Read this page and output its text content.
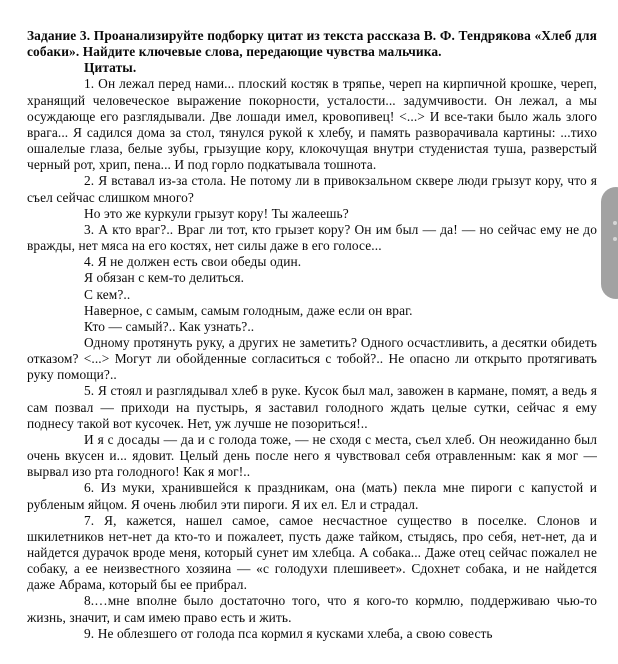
Задание 3. Проанализируйте подборку цитат из текста рассказа В. Ф. Тендрякова «Хлеб для собаки». Найдите ключевые слова, передающие чувства мальчика.

Цитаты.

1. Он лежал перед нами... плоский костяк в тряпье, череп на кирпичной крошке, череп, хранящий человеческое выражение покорности, усталости... задумчивости. Он лежал, а мы осуждающе его разглядывали. Две лошади имел, кровопивец! <...> И все-таки было жаль злого врага... Я садился дома за стол, тянулся рукой к хлебу, и память разворачивала картины: ...тихо ошалелые глаза, белые зубы, грызущие кору, клокочущая внутри студенистая туша, разверстый черный рот, хрип, пена... И под горло подкатывала тошнота.

2. Я вставал из-за стола. Не потому ли в привокзальном сквере люди грызут кору, что я съел сейчас слишком много?

Но это же куркули грызут кору! Ты жалеешь?

3. А кто враг?.. Враг ли тот, кто грызет кору? Он им был — да! — но сейчас ему не до вражды, нет мяса на его костях, нет силы даже в его голосе...

4. Я не должен есть свои обеды один.

Я обязан с кем-то делиться.

С кем?..

Наверное, с самым, самым голодным, даже если он враг.

Кто — самый?.. Как узнать?..

Одному протянуть руку, а других не заметить? Одного осчастливить, а десятки обидеть отказом? <...> Могут ли обойденные согласиться с тобой?.. Не опасно ли открыто протягивать руку помощи?..

5. Я стоял и разглядывал хлеб в руке. Кусок был мал, завожен в кармане, помят, а ведь я сам позвал — приходи на пустырь, я заставил голодного ждать целые сутки, сейчас я ему поднесу такой вот кусочек. Нет, уж лучше не позориться!..

И я с досады — да и с голода тоже, — не сходя с места, съел хлеб. Он неожиданно был очень вкусен и... ядовит. Целый день после него я чувствовал себя отравленным: как я мог — вырвал изо рта голодного! Как я мог!..

6. Из муки, хранившейся к праздникам, она (мать) пекла мне пироги с капустой и рубленым яйцом. Я очень любил эти пироги. Я их ел. Ел и страдал.

7. Я, кажется, нашел самое, самое несчастное существо в поселке. Слонов и шкилетников нет-нет да кто-то и пожалеет, пусть даже тайком, стыдясь, про себя, нет-нет, да и найдется дурачок вроде меня, который сунет им хлебца. А собака... Даже отец сейчас пожалел не собаку, а ее неизвестного хозяина — «с голодухи плешивеет». Сдохнет собака, и не найдется даже Абрама, который бы ее прибрал.

8.…мне вполне было достаточно того, что я кого-то кормлю, поддерживаю чью-то жизнь, значит, и сам имею право есть и жить.

9. Не облезшего от голода пса кормил я кусками хлеба, а свою совесть
